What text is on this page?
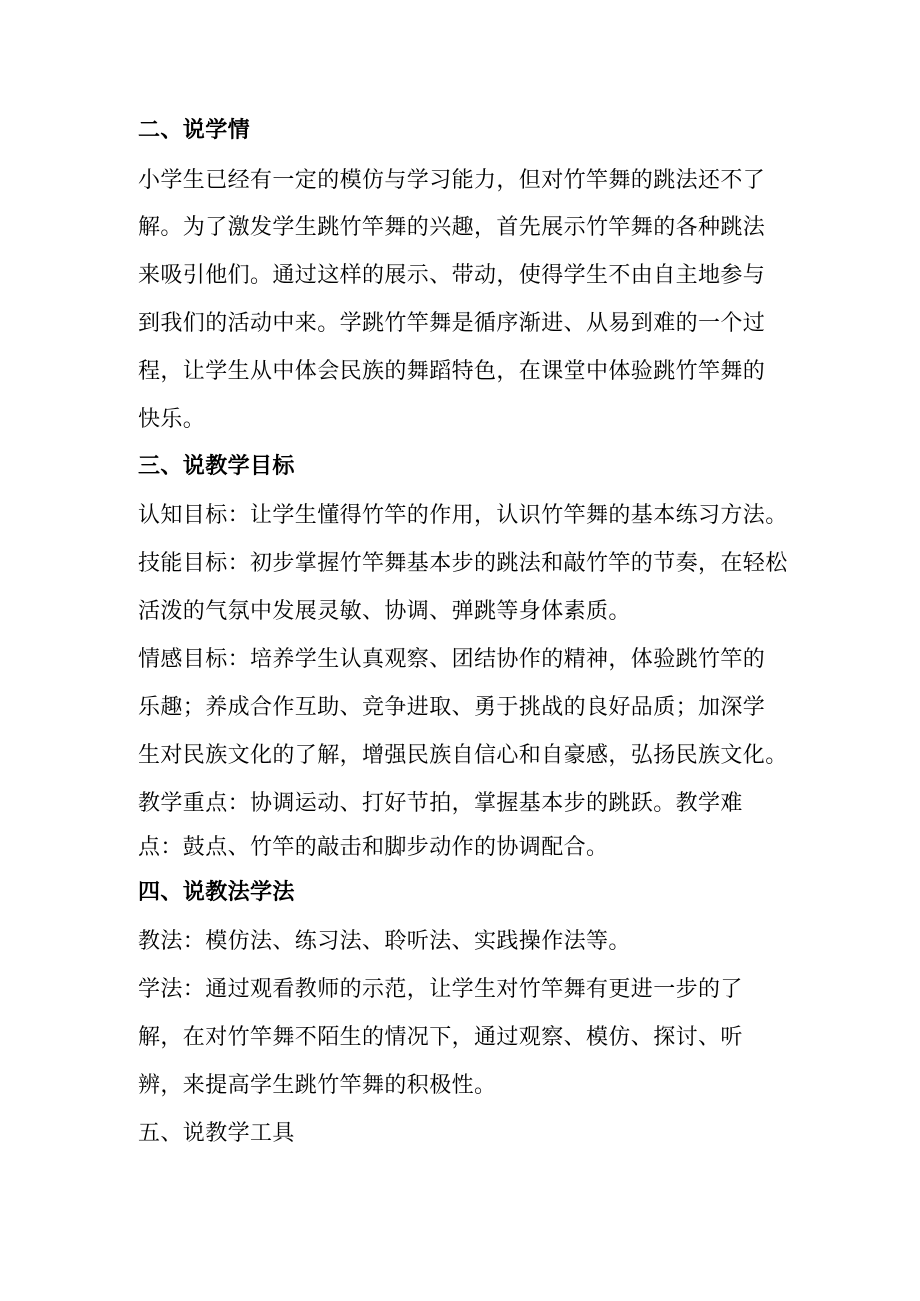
二、说学情

小学生已经有一定的模仿与学习能力，但对竹竿舞的跳法还不了

解。为了激发学生跳竹竿舞的兴趣，首先展示竹竿舞的各种跳法

来吸引他们。通过这样的展示、带动，使得学生不由自主地参与

到我们的活动中来。学跳竹竿舞是循序渐进、从易到难的一个过

程，让学生从中体会民族的舞蹈特色，在课堂中体验跳竹竿舞的

快乐。

三、说教学目标

认知目标：让学生懂得竹竿的作用，认识竹竿舞的基本练习方法。

技能目标：初步掌握竹竿舞基本步的跳法和敲竹竿的节奏，在轻松

活泼的气氛中发展灵敏、协调、弹跳等身体素质。

情感目标：培养学生认真观察、团结协作的精神，体验跳竹竿的

乐趣；养成合作互助、竞争进取、勇于挑战的良好品质；加深学

生对民族文化的了解，增强民族自信心和自豪感，弘扬民族文化。

教学重点：协调运动、打好节拍，掌握基本步的跳跃。教学难

点：鼓点、竹竿的敲击和脚步动作的协调配合。

四、说教法学法

教法：模仿法、练习法、聆听法、实践操作法等。

学法：通过观看教师的示范，让学生对竹竿舞有更进一步的了

解，在对竹竿舞不陌生的情况下，通过观察、模仿、探讨、听

辨，来提高学生跳竹竿舞的积极性。

五、说教学工具
